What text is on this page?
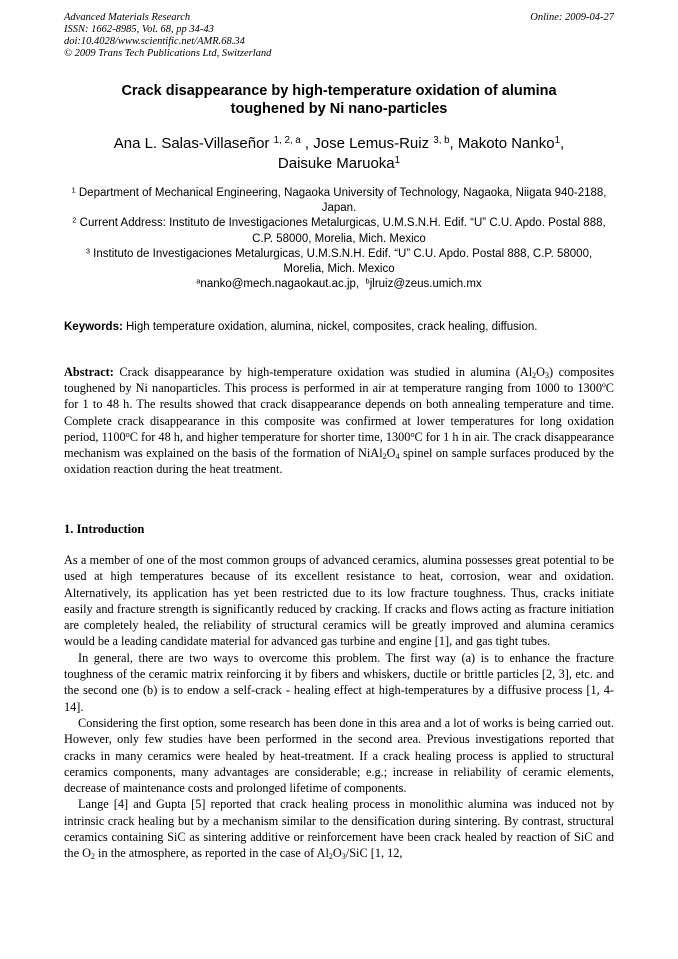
Advanced Materials Research
ISSN: 1662-8985, Vol. 68, pp 34-43
doi:10.4028/www.scientific.net/AMR.68.34
© 2009 Trans Tech Publications Ltd, Switzerland
Online: 2009-04-27
Crack disappearance by high-temperature oxidation of alumina
toughened by Ni nano-particles
Ana L. Salas-Villaseñor $^{1, 2, a}$ , Jose Lemus-Ruiz $^{3, b}$, Makoto Nanko$^1$,
Daisuke Maruoka$^1$
$^1$ Department of Mechanical Engineering, Nagaoka University of Technology, Nagaoka, Niigata 940-2188, Japan.
$^2$ Current Address: Instituto de Investigaciones Metalurgicas, U.M.S.N.H. Edif. “U” C.U. Apdo. Postal 888, C.P. 58000, Morelia, Mich. Mexico
$^3$ Instituto de Investigaciones Metalurgicas, U.M.S.N.H. Edif. “U” C.U. Apdo. Postal 888, C.P. 58000, Morelia, Mich. Mexico
$^a$nanko@mech.nagaokaut.ac.jp, $^b$jlruiz@zeus.umich.mx
Keywords: High temperature oxidation, alumina, nickel, composites, crack healing, diffusion.
Abstract: Crack disappearance by high-temperature oxidation was studied in alumina $(Al_2O_3)$ composites toughened by Ni nanoparticles. This process is performed in air at temperature ranging from 1000 to 1300ºC for 1 to 48 h. The results showed that crack disappearance depends on both annealing temperature and time. Complete crack disappearance in this composite was confirmed at lower temperatures for long oxidation period, 1100$^o$C for 48 h, and higher temperature for shorter time, 1300$^o$C for 1 h in air. The crack disappearance mechanism was explained on the basis of the formation of $NiAl_2O_4$ spinel on sample surfaces produced by the oxidation reaction during the heat treatment.
1. Introduction

As a member of one of the most common groups of advanced ceramics, alumina possesses great potential to be used at high temperatures because of its excellent resistance to heat, corrosion, wear and oxidation. Alternatively, its application has yet been restricted due to its low fracture toughness. Thus, cracks initiate easily and fracture strength is significantly reduced by cracking. If cracks and flows acting as fracture initiation are completely healed, the reliability of structural ceramics will be greatly improved and alumina ceramics would be a leading candidate material for advanced gas turbine and engine [1], and gas tight tubes.

In general, there are two ways to overcome this problem. The first way (a) is to enhance the fracture toughness of the ceramic matrix reinforcing it by fibers and whiskers, ductile or brittle particles [2, 3], etc. and the second one (b) is to endow a self-crack - healing effect at high-temperatures by a diffusive process [1, 4-14].

Considering the first option, some research has been done in this area and a lot of works is being carried out. However, only few studies have been performed in the second area. Previous investigations reported that cracks in many ceramics were healed by heat-treatment. If a crack healing process is applied to structural ceramics components, many advantages are considerable; e.g.; increase in reliability of ceramic elements, decrease of maintenance costs and prolonged lifetime of components.

Lange [4] and Gupta [5] reported that crack healing process in monolithic alumina was induced not by intrinsic crack healing but by a mechanism similar to the densification during sintering. By contrast, structural ceramics containing SiC as sintering additive or reinforcement have been crack healed by reaction of SiC and the $O_2$ in the atmosphere, as reported in the case of $Al_2O_3$/SiC [1, 12,
